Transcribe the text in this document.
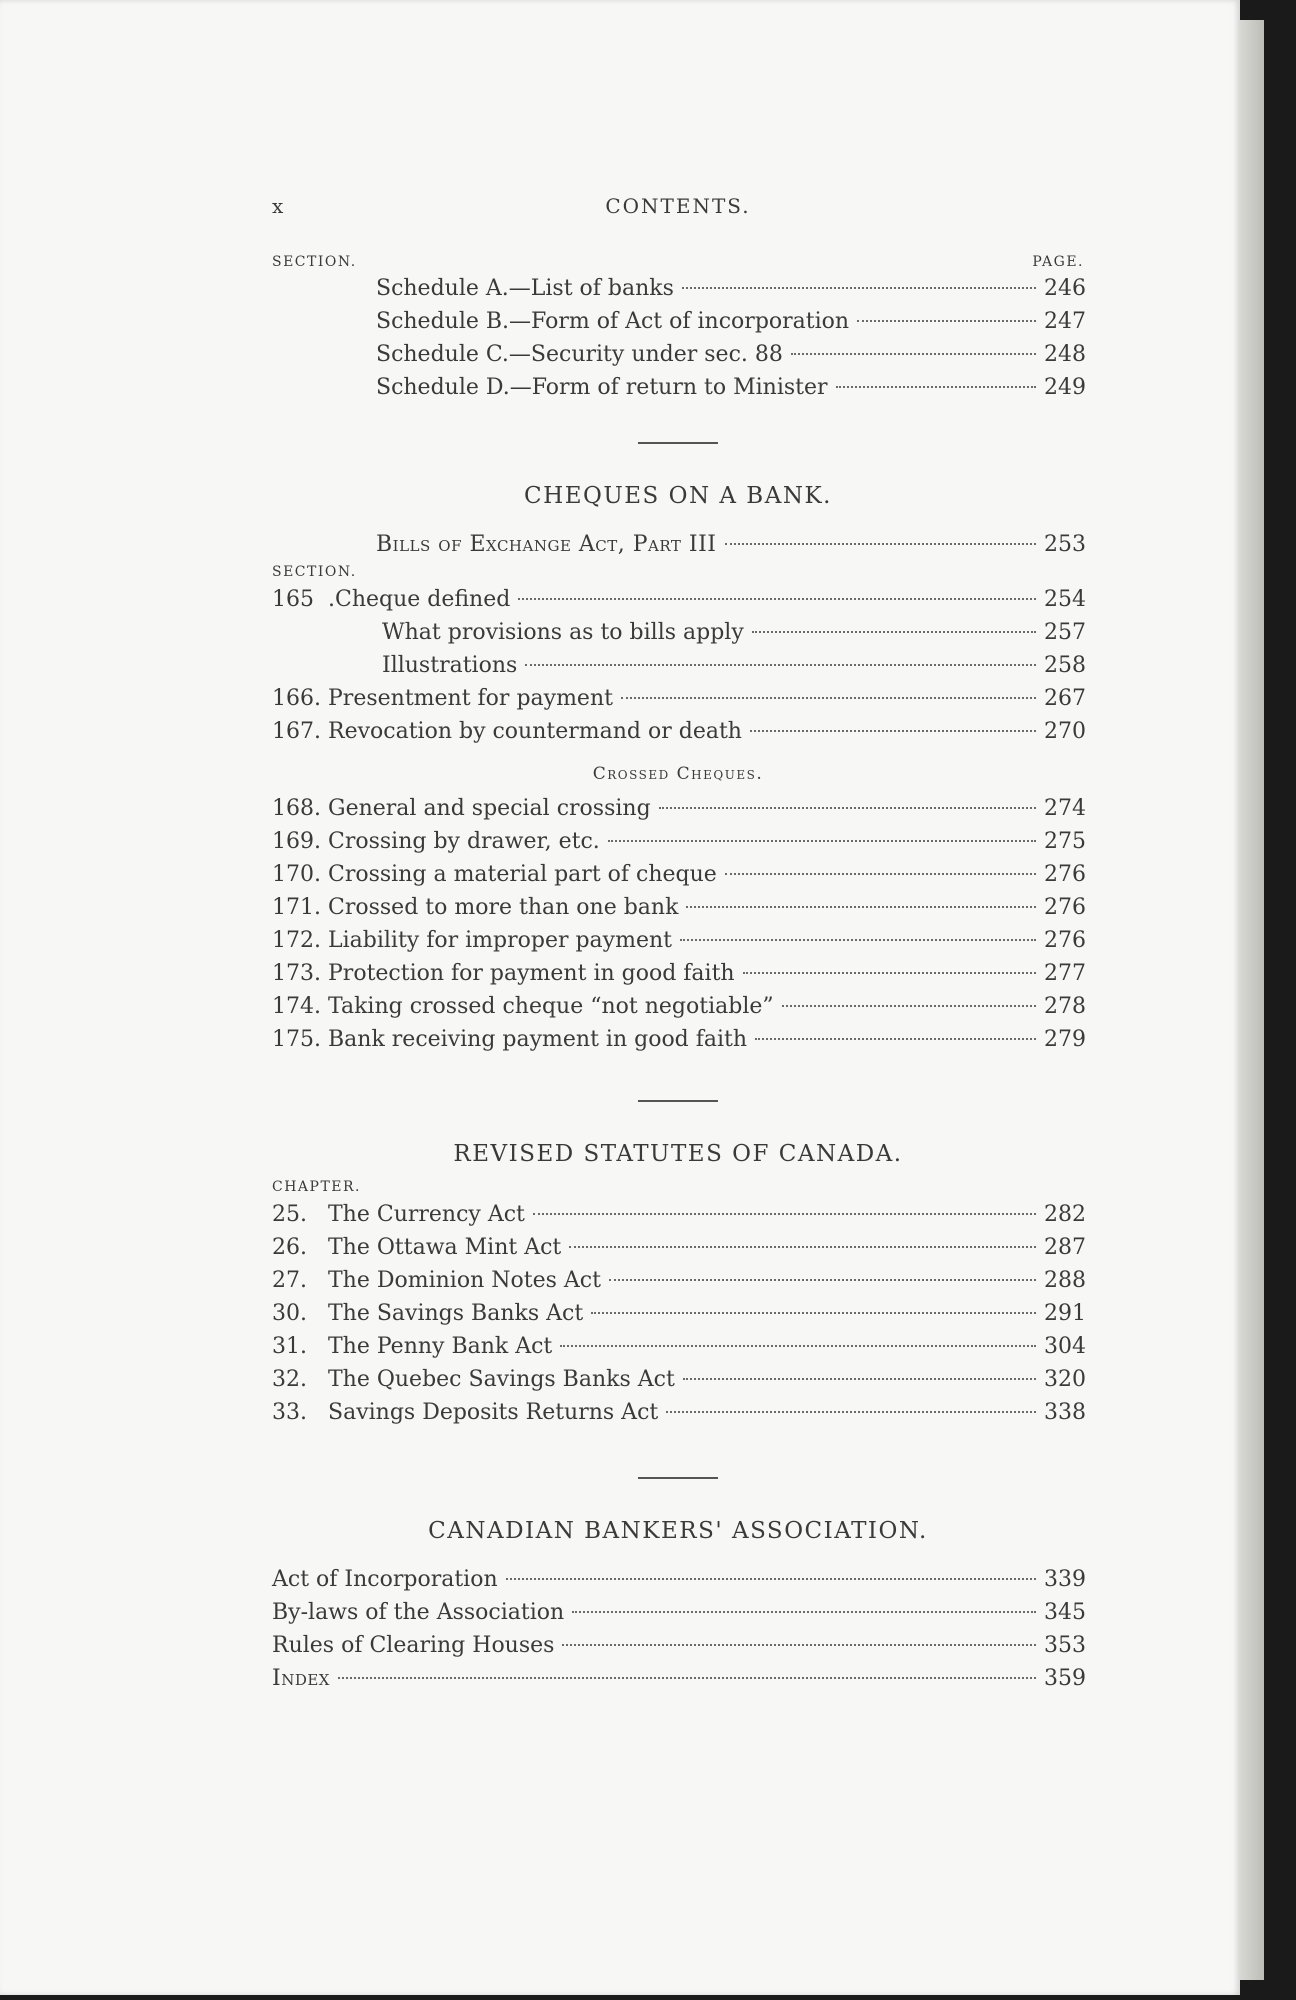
x	CONTENTS.
SECTION.	PAGE.
Schedule A.—List of banks	246
Schedule B.—Form of Act of incorporation	247
Schedule C.—Security under sec. 88	248
Schedule D.—Form of return to Minister	249
CHEQUES ON A BANK.
Bills of Exchange Act, Part III	253
SECTION.
165 .Cheque defined	254
What provisions as to bills apply	257
Illustrations	258
166. Presentment for payment	267
167. Revocation by countermand or death	270
Crossed Cheques.
168. General and special crossing	274
169. Crossing by drawer, etc.	275
170. Crossing a material part of cheque	276
171. Crossed to more than one bank	276
172. Liability for improper payment	276
173. Protection for payment in good faith	277
174. Taking crossed cheque “not negotiable”	278
175. Bank receiving payment in good faith	279
REVISED STATUTES OF CANADA.
CHAPTER.
25. The Currency Act	282
26. The Ottawa Mint Act	287
27. The Dominion Notes Act	288
30. The Savings Banks Act	291
31. The Penny Bank Act	304
32. The Quebec Savings Banks Act	320
33. Savings Deposits Returns Act	338
CANADIAN BANKERS' ASSOCIATION.
Act of Incorporation	339
By-laws of the Association	345
Rules of Clearing Houses	353
Index	359
